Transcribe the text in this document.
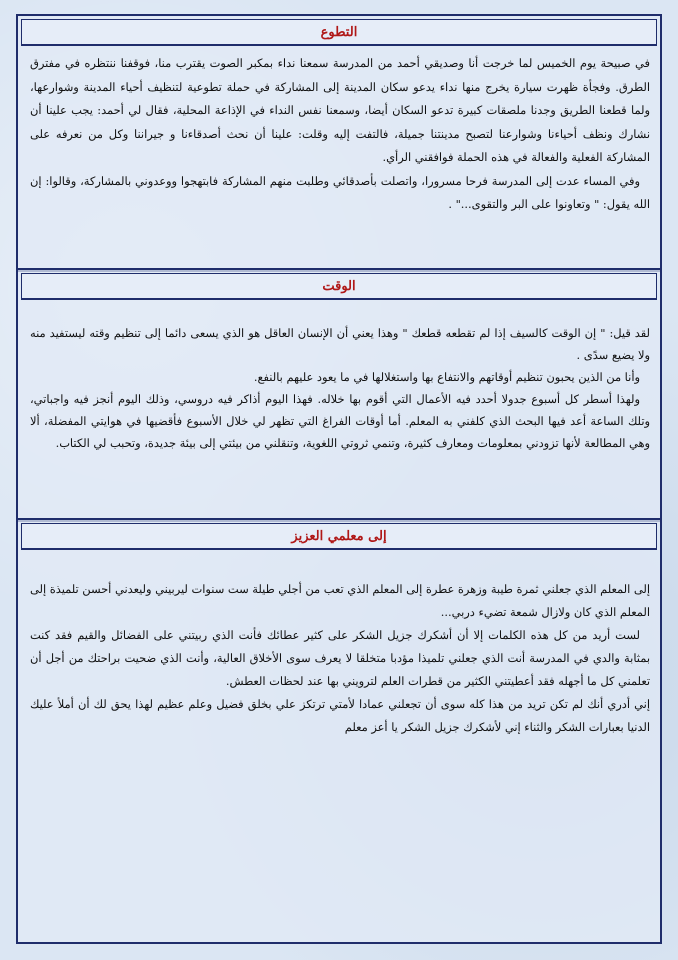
التطوع

في صبيحة يوم الخميس لما خرجت أنا وصديقي أحمد من المدرسة سمعنا نداء بمكبر الصوت يقترب منا، فوقفنا ننتظره في مفترق الطرق. وفجأة ظهرت سيارة يخرج منها نداء يدعو سكان المدينة إلى المشاركة في حملة تطوعية لتنظيف أحياء المدينة وشوارعها، ولما قطعنا الطريق وجدنا ملصقات كبيرة تدعو السكان أيضا، وسمعنا نفس النداء في الإذاعة المحلية، فقال لي أحمد: يجب علينا أن نشارك ونظف أحياءنا وشوارعنا لتصبح مدينتنا جميلة، فالتفت إليه وقلت: علينا أن نحث أصدقاءنا و جيراننا وكل من نعرفه على المشاركة الفعلية والفعالة في هذه الحملة فوافقني الرأي.

وفي المساء عدت إلى المدرسة فرحا مسرورا، واتصلت بأصدقائي وطلبت منهم المشاركة فابتهجوا ووعدوني بالمشاركة، وقالوا: إن الله يقول: " وتعاونوا على البر والتقوى..." .

الوقت

لقد قيل: " إن الوقت كالسيف إذا لم تقطعه قطعك " وهذا يعني أن الإنسان العاقل هو الذي يسعى دائما إلى تنظيم وقته ليستفيد منه ولا يضيع سدًى .

وأنا من الذين يحبون تنظيم أوقاتهم والانتفاع بها واستغلالها في ما يعود عليهم بالنفع.

ولهذا أسطر كل أسبوع جدولا أحدد فيه الأعمال التي أقوم بها خلاله. فهذا اليوم أذاكر فيه دروسي، وذلك اليوم أنجز فيه واجباتي، وتلك الساعة أعد فيها البحث الذي كلفني به المعلم. أما أوقات الفراغ التي تظهر لي خلال الأسبوع فأقضيها في هوايتي المفضلة، ألا وهي المطالعة لأنها تزودني بمعلومات ومعارف كثيرة، وتنمي ثروتي اللغوية، وتنقلني من بيئتي إلى بيئة جديدة، وتحبب لي الكتاب.

إلى معلمي العزيز

إلى المعلم الذي جعلني ثمرة طيبة وزهرة عطرة إلى المعلم الذي تعب من أجلي طيلة ست سنوات ليربيني وليعدني أحسن تلميذة إلى المعلم الذي كان ولازال شمعة تضيء دربي...

لست أريد من كل هذه الكلمات إلا أن أشكرك جزيل الشكر على كثير عطائك فأنت الذي ربيتني على الفضائل والقيم فقد كنت بمثابة والدي في المدرسة أنت الذي جعلني تلميذا مؤدبا متخلقا لا يعرف سوى الأخلاق العالية، وأنت الذي ضحيت براحتك من أجل أن تعلمني كل ما أجهله فقد أعطيتني الكثير من قطرات العلم لترويني بها عند لحظات العطش.

إني أدري أنك لم تكن تريد من هذا كله سوى أن تجعلني عمادا لأمتي ترتكز علي بخلق فضيل وعلم عظيم لهذا يحق لك أن أملأ عليك الدنيا بعبارات الشكر والثناء إني لأشكرك جزيل الشكر يا أعز معلم
